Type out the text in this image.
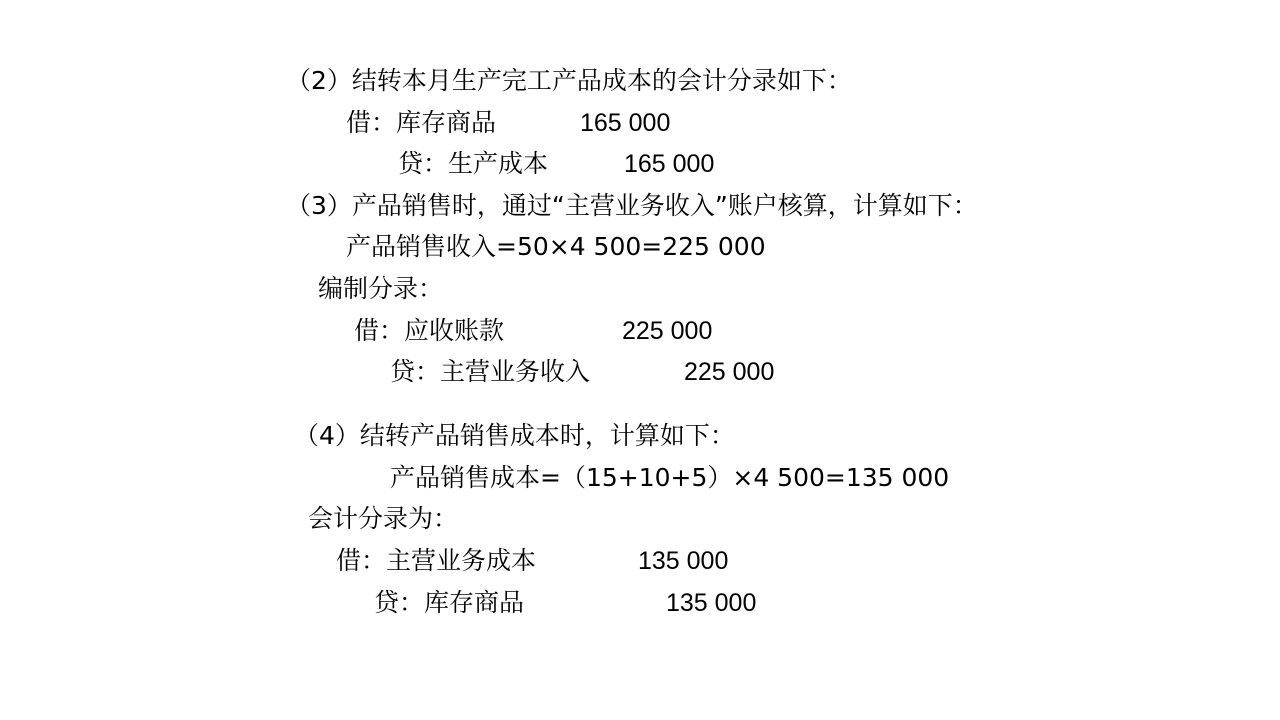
（2）结转本月生产完工产品成本的会计分录如下：
借：库存商品	165 000
贷：生产成本	165 000
（3）产品销售时，通过“主营业务收入”账户核算，计算如下：
产品销售收入=50×4 500=225 000
编制分录：
借：应收账款	225 000
贷：主营业务收入	225 000
（4）结转产品销售成本时，计算如下：
产品销售成本=（15+10+5）×4 500=135 000
会计分录为：
借：主营业务成本	135 000
贷：库存商品	135 000
